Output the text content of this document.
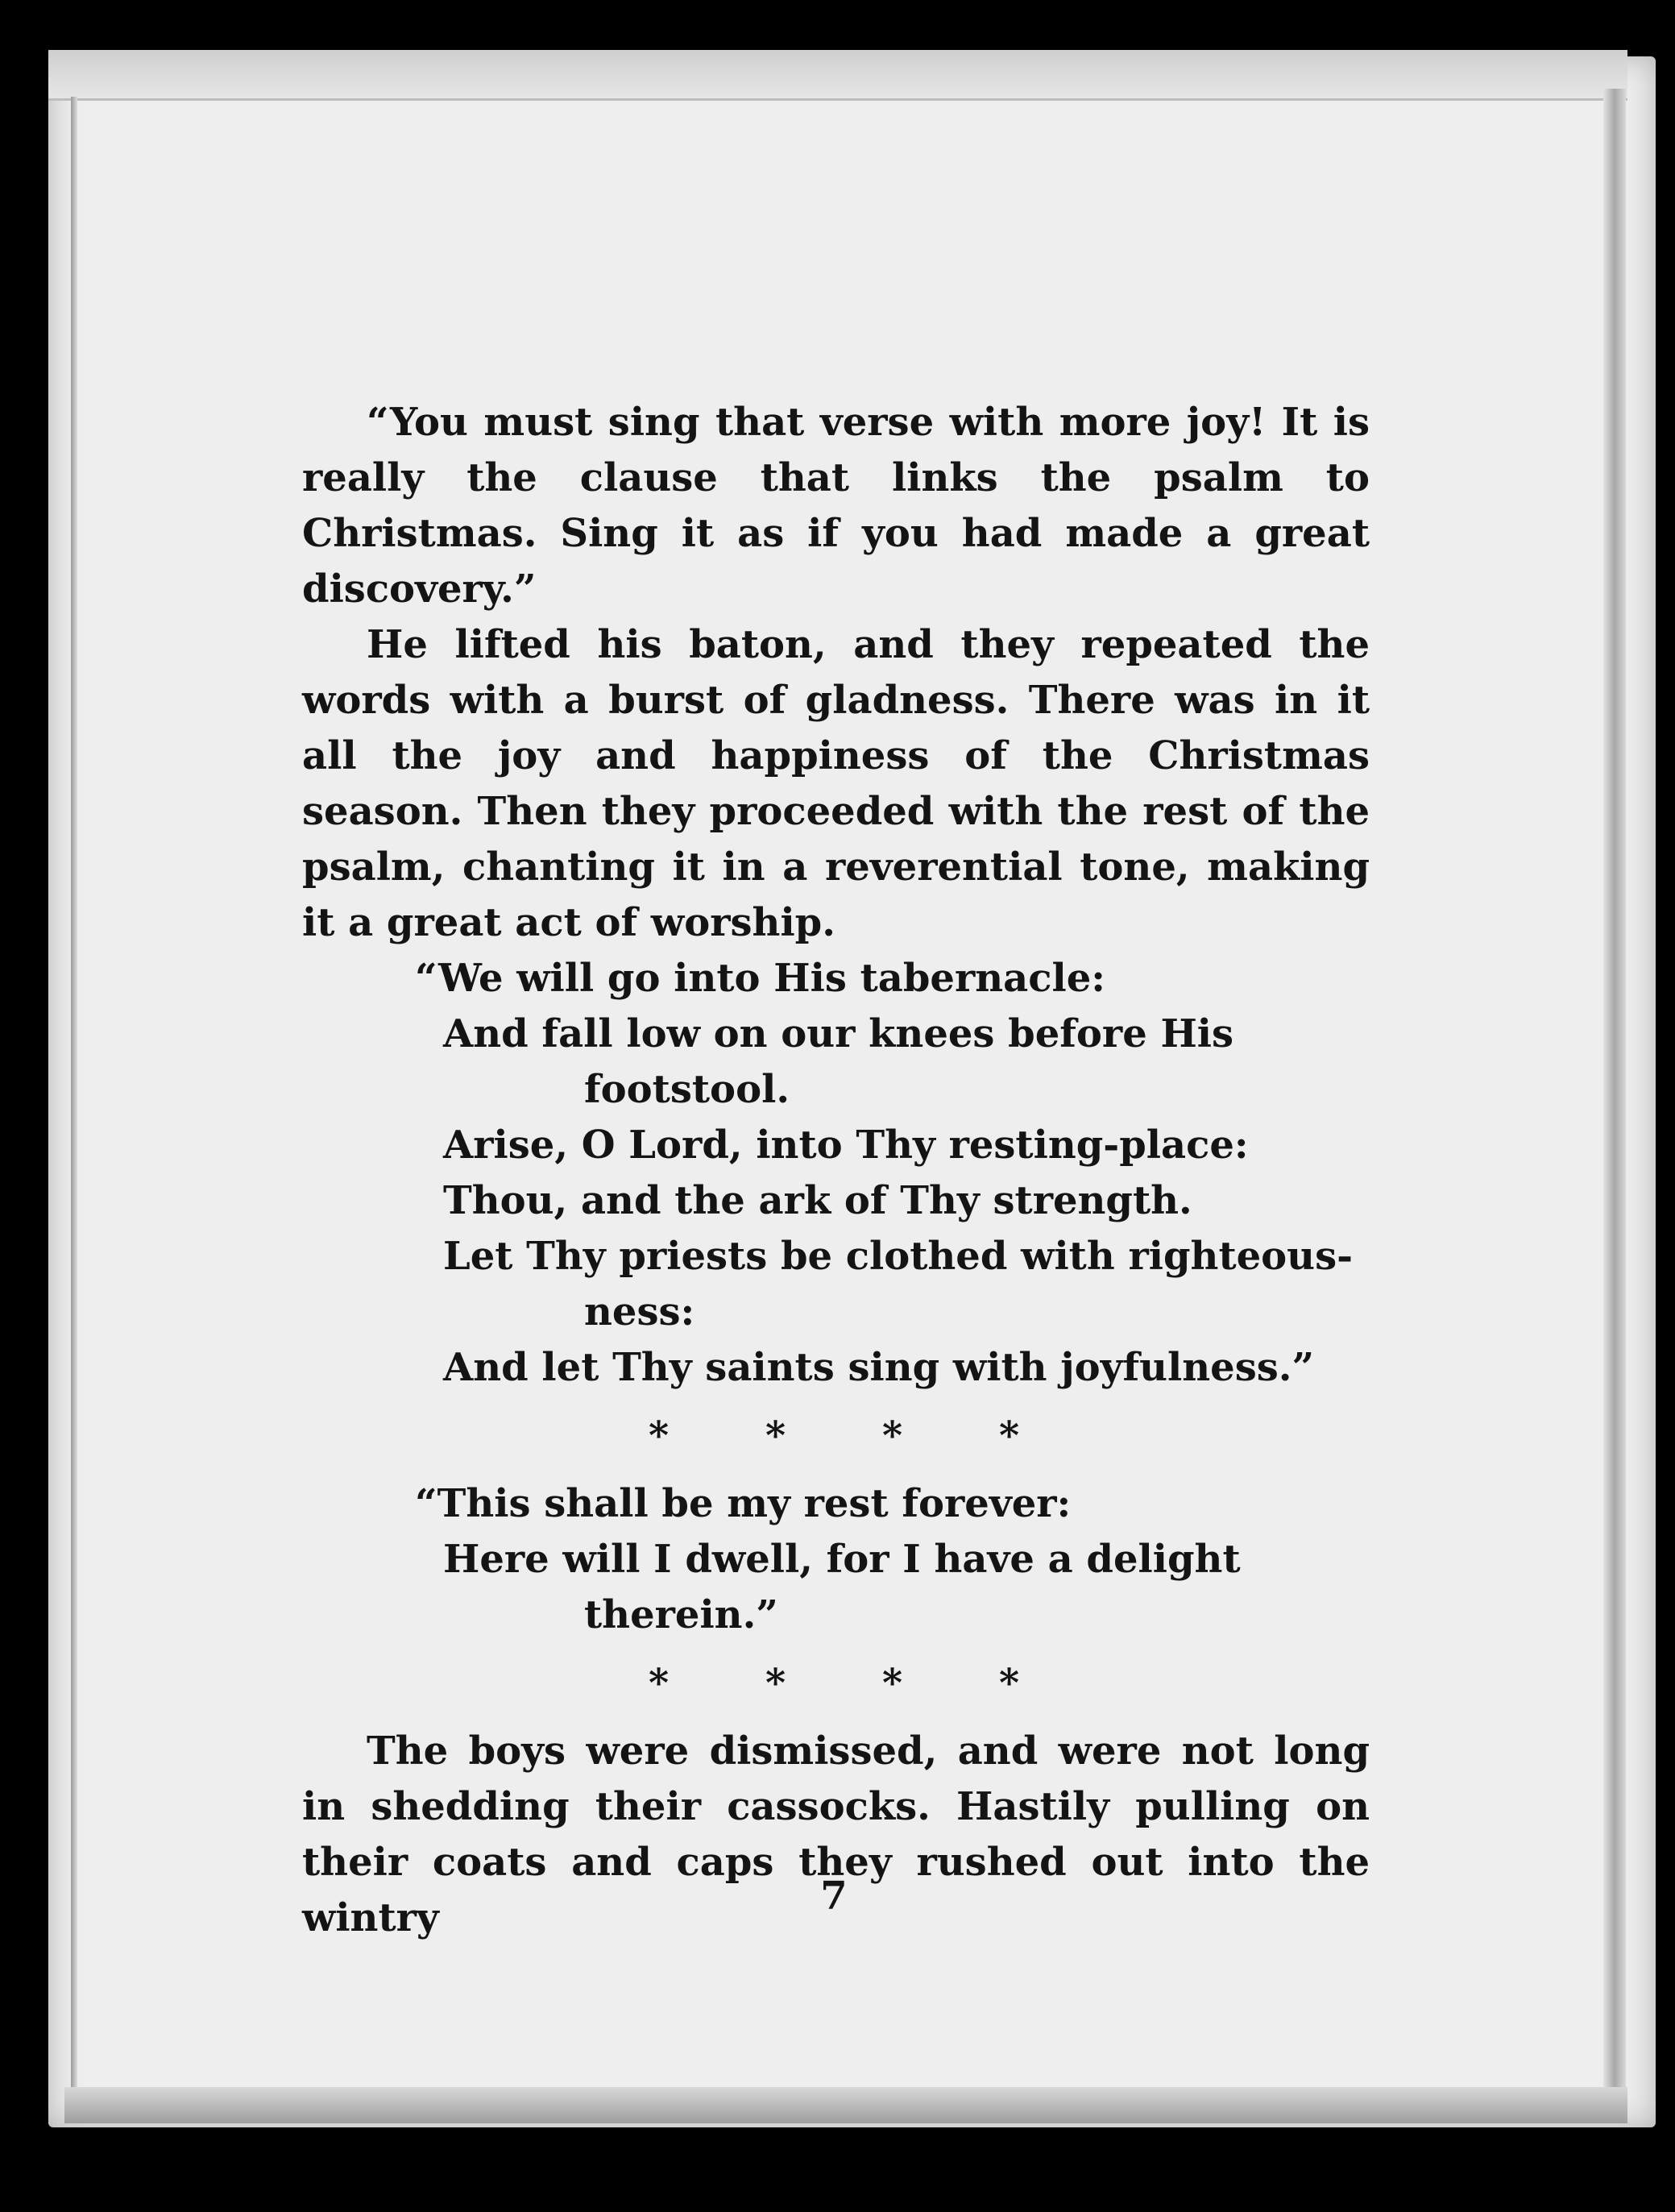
“You must sing that verse with more joy! It is really the clause that links the psalm to Christmas. Sing it as if you had made a great discovery.”

He lifted his baton, and they repeated the words with a burst of gladness. There was in it all the joy and happiness of the Christmas season. Then they proceeded with the rest of the psalm, chanting it in a reverential tone, making it a great act of worship.

“We will go into His tabernacle:

And fall low on our knees before His

footstool.

Arise, O Lord, into Thy resting-place:

Thou, and the ark of Thy strength.

Let Thy priests be clothed with righteous-

ness:

And let Thy saints sing with joyfulness.”

* * * *

“This shall be my rest forever:

Here will I dwell, for I have a delight

therein.”

* * * *

The boys were dismissed, and were not long in shedding their cassocks. Hastily pulling on their coats and caps they rushed out into the wintry	7
